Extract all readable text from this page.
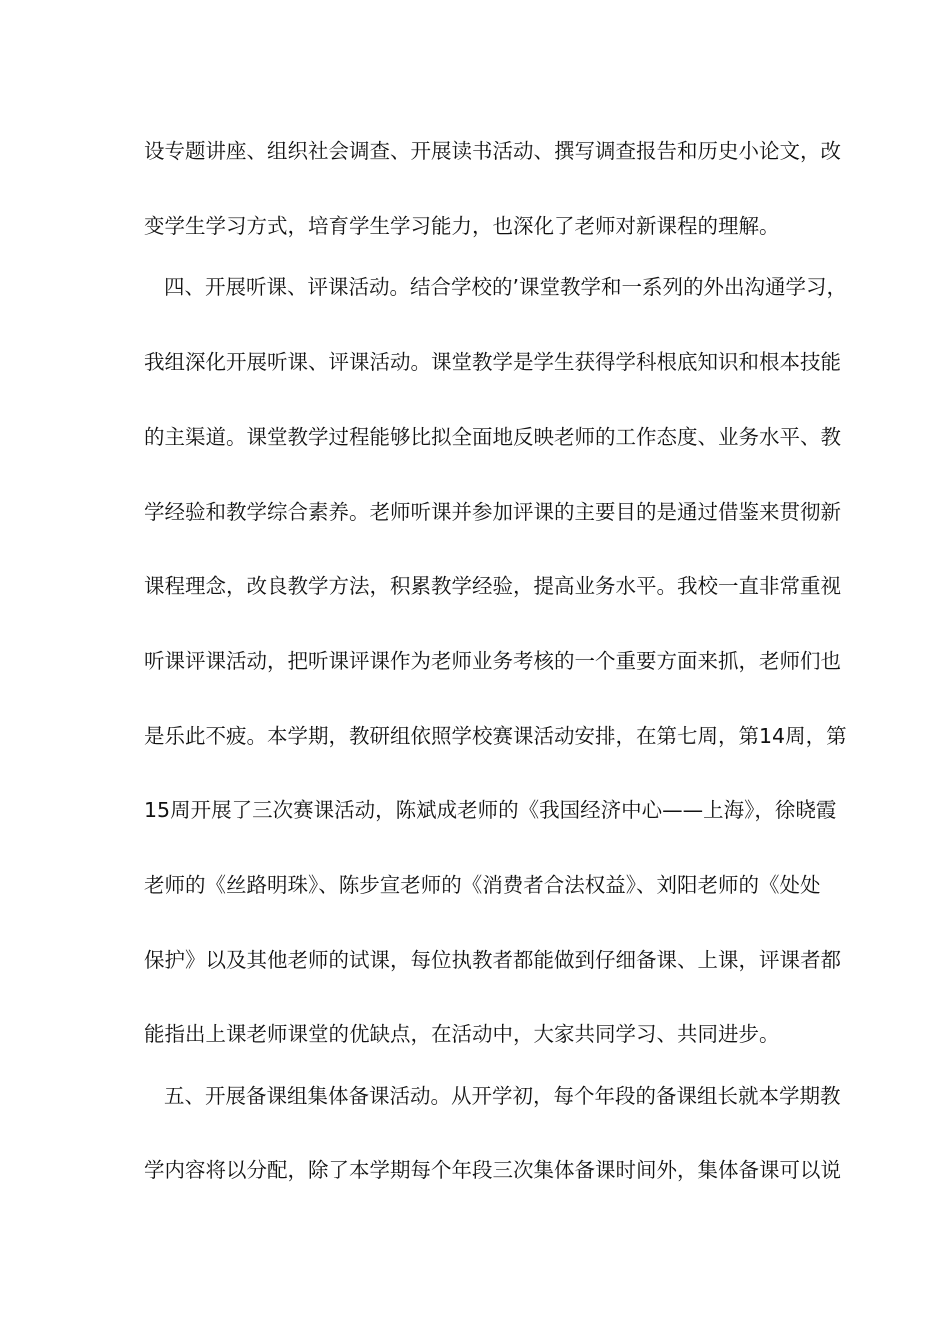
设专题讲座、组织社会调查、开展读书活动、撰写调查报告和历史小论文，改
变学生学习方式，培育学生学习能力，也深化了老师对新课程的理解。
四、开展听课、评课活动。结合学校的’课堂教学和一系列的外出沟通学习，
我组深化开展听课、评课活动。课堂教学是学生获得学科根底知识和根本技能
的主渠道。课堂教学过程能够比拟全面地反映老师的工作态度、业务水平、教
学经验和教学综合素养。老师听课并参加评课的主要目的是通过借鉴来贯彻新
课程理念，改良教学方法，积累教学经验，提高业务水平。我校一直非常重视
听课评课活动，把听课评课作为老师业务考核的一个重要方面来抓，老师们也
是乐此不疲。本学期，教研组依照学校赛课活动安排，在第七周，第14周，第
15周开展了三次赛课活动，陈斌成老师的《我国经济中心——上海》，徐晓霞
老师的《丝路明珠》、陈步宣老师的《消费者合法权益》、刘阳老师的《处处
保护》以及其他老师的试课，每位执教者都能做到仔细备课、上课，评课者都
能指出上课老师课堂的优缺点，在活动中，大家共同学习、共同进步。
五、开展备课组集体备课活动。从开学初，每个年段的备课组长就本学期教
学内容将以分配，除了本学期每个年段三次集体备课时间外，集体备课可以说
